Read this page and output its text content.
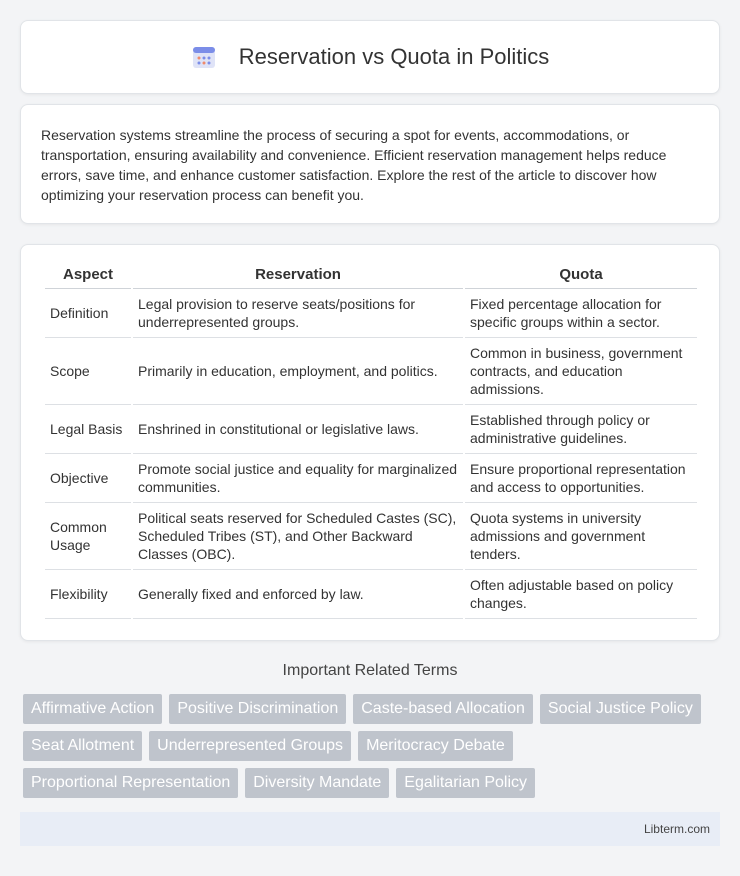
Reservation vs Quota in Politics

Reservation systems streamline the process of securing a spot for events, accommodations, or transportation, ensuring availability and convenience. Efficient reservation management helps reduce errors, save time, and enhance customer satisfaction. Explore the rest of the article to discover how optimizing your reservation process can benefit you.

Aspect	Reservation	Quota
Definition	Legal provision to reserve seats/positions for underrepresented groups.	Fixed percentage allocation for specific groups within a sector.
Scope	Primarily in education, employment, and politics.	Common in business, government contracts, and education admissions.
Legal Basis	Enshrined in constitutional or legislative laws.	Established through policy or administrative guidelines.
Objective	Promote social justice and equality for marginalized communities.	Ensure proportional representation and access to opportunities.
Common Usage	Political seats reserved for Scheduled Castes (SC), Scheduled Tribes (ST), and Other Backward Classes (OBC).	Quota systems in university admissions and government tenders.
Flexibility	Generally fixed and enforced by law.	Often adjustable based on policy changes.
Important Related Terms
Affirmative Action	Positive Discrimination	Caste-based Allocation	Social Justice Policy
Seat Allotment	Underrepresented Groups	Meritocracy Debate
Proportional Representation	Diversity Mandate	Egalitarian Policy
Libterm.com
